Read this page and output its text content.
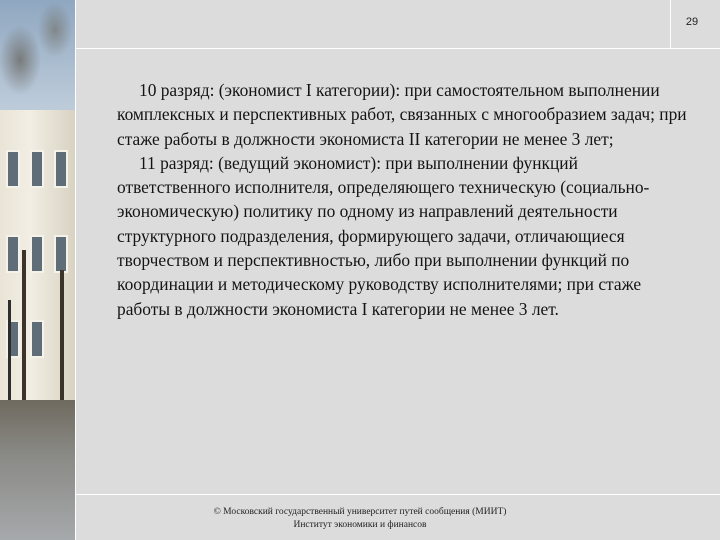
29

10 разряд: (экономист I категории): при самостоятельном выполнении комплексных и перспективных работ, связанных с многообразием задач; при стаже работы в должности экономиста II категории не менее 3 лет;

11 разряд: (ведущий экономист): при выполнении функций ответственного исполнителя, определяющего техническую (социально-экономическую) политику по одному из направлений деятельности структурного подразделения, формирующего задачи, отличающиеся творчеством и перспективностью, либо при выполнении функций по координации и методическому руководству исполнителями; при стаже работы в должности экономиста I категории не менее 3 лет.

© Московский государственный университет путей сообщения (МИИТ)
Институт экономики и финансов
